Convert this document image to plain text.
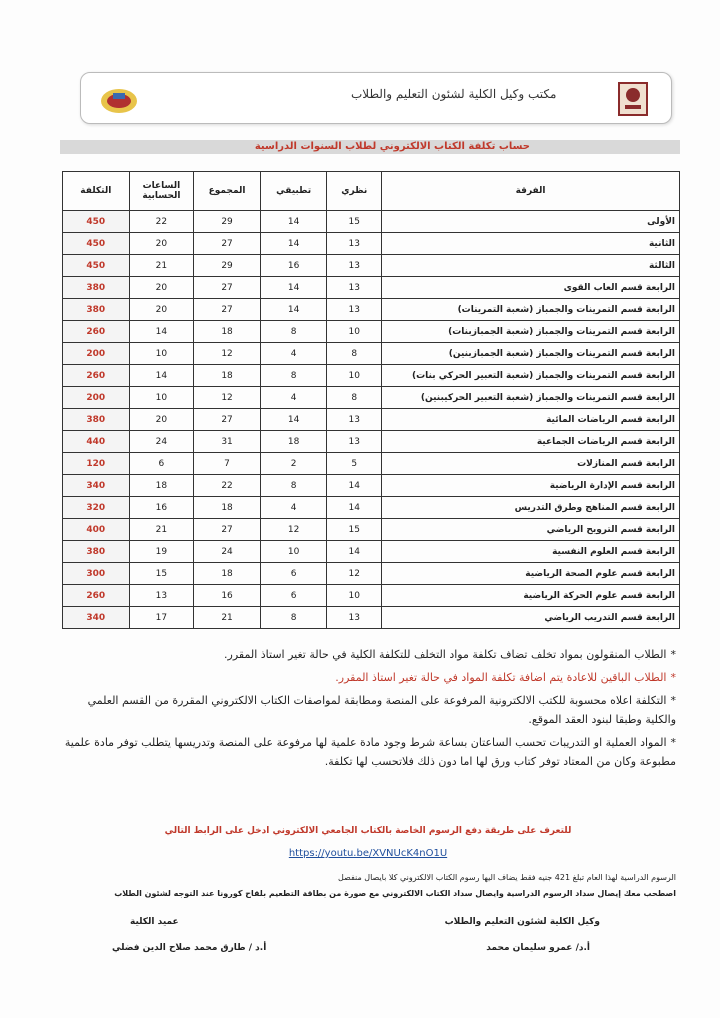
مكتب وكيل الكلية لشئون التعليم والطلاب
حساب تكلفة الكتاب الالكتروني لطلاب السنوات الدراسية
الفرقة	نظري	تطبيقي	المجموع	الساعات الحسابية	التكلفة
الأولى	15	14	29	22	450
الثانية	13	14	27	20	450
الثالثة	13	16	29	21	450
الرابعة قسم العاب القوى	13	14	27	20	380
الرابعة قسم التمرينات والجمباز (شعبة التمرينات)	13	14	27	20	380
الرابعة قسم التمرينات والجمباز (شعبة الجمبازبنات)	10	8	18	14	260
الرابعة قسم التمرينات والجمباز (شعبة الجمبازبنين)	8	4	12	10	200
الرابعة قسم التمرينات والجمباز (شعبة التعبير الحركي بنات)	10	8	18	14	260
الرابعة قسم التمرينات والجمباز (شعبة التعبير الحركيبنين)	8	4	12	10	200
الرابعة قسم الرياضات المائية	13	14	27	20	380
الرابعة قسم الرياضات الجماعية	13	18	31	24	440
الرابعة قسم المنازلات	5	2	7	6	120
الرابعة قسم الإدارة الرياضية	14	8	22	18	340
الرابعة قسم المناهج وطرق التدريس	14	4	18	16	320
الرابعة قسم الترويح الرياضي	15	12	27	21	400
الرابعة قسم العلوم النفسية	14	10	24	19	380
الرابعة قسم علوم الصحة الرياضية	12	6	18	15	300
الرابعة قسم علوم الحركة الرياضية	10	6	16	13	260
الرابعة قسم التدريب الرياضي	13	8	21	17	340
*الطلاب المنقولون بمواد تخلف تضاف تكلفة مواد التخلف للتكلفة الكلية في حالة تغير استاذ المقرر.
*الطلاب الباقين للاعادة يتم اضافة تكلفة المواد في حالة تغير استاذ المقرر.
*التكلفة اعلاه محسوبة للكتب الالكترونية المرفوعة على المنصة ومطابقة لمواصفات الكتاب الالكتروني المقررة من القسم العلمي والكلية وطبقا لبنود العقد الموقع.
*المواد العملية او التدريبات تحسب الساعتان بساعة شرط وجود مادة علمية لها مرفوعة على المنصة وتدريسها يتطلب توفر مادة علمية مطبوعة وكان من المعتاد توفر كتاب ورق لها اما دون ذلك فلاتحسب لها تكلفة.
للتعرف على طريقة دفع الرسوم الخاصة بالكتاب الجامعي الالكتروني ادخل على الرابط التالي
https://youtu.be/XVNUcK4nO1U
الرسوم الدراسية لهذا العام تبلغ 421 جنيه فقط يضاف اليها رسوم الكتاب الالكتروني كلا بايصال منفصل
اصطحب معك إيصال سداد الرسوم الدراسية وايصال سداد الكتاب الالكتروني مع صورة من بطاقة التطعيم بلقاح كورونا عند التوجه لشئون الطلاب
وكيل الكلية لشئون التعليم والطلاب
عميد الكلية
أ.د/ عمرو سليمان محمد
أ.د / طارق محمد صلاح الدين فضلي
